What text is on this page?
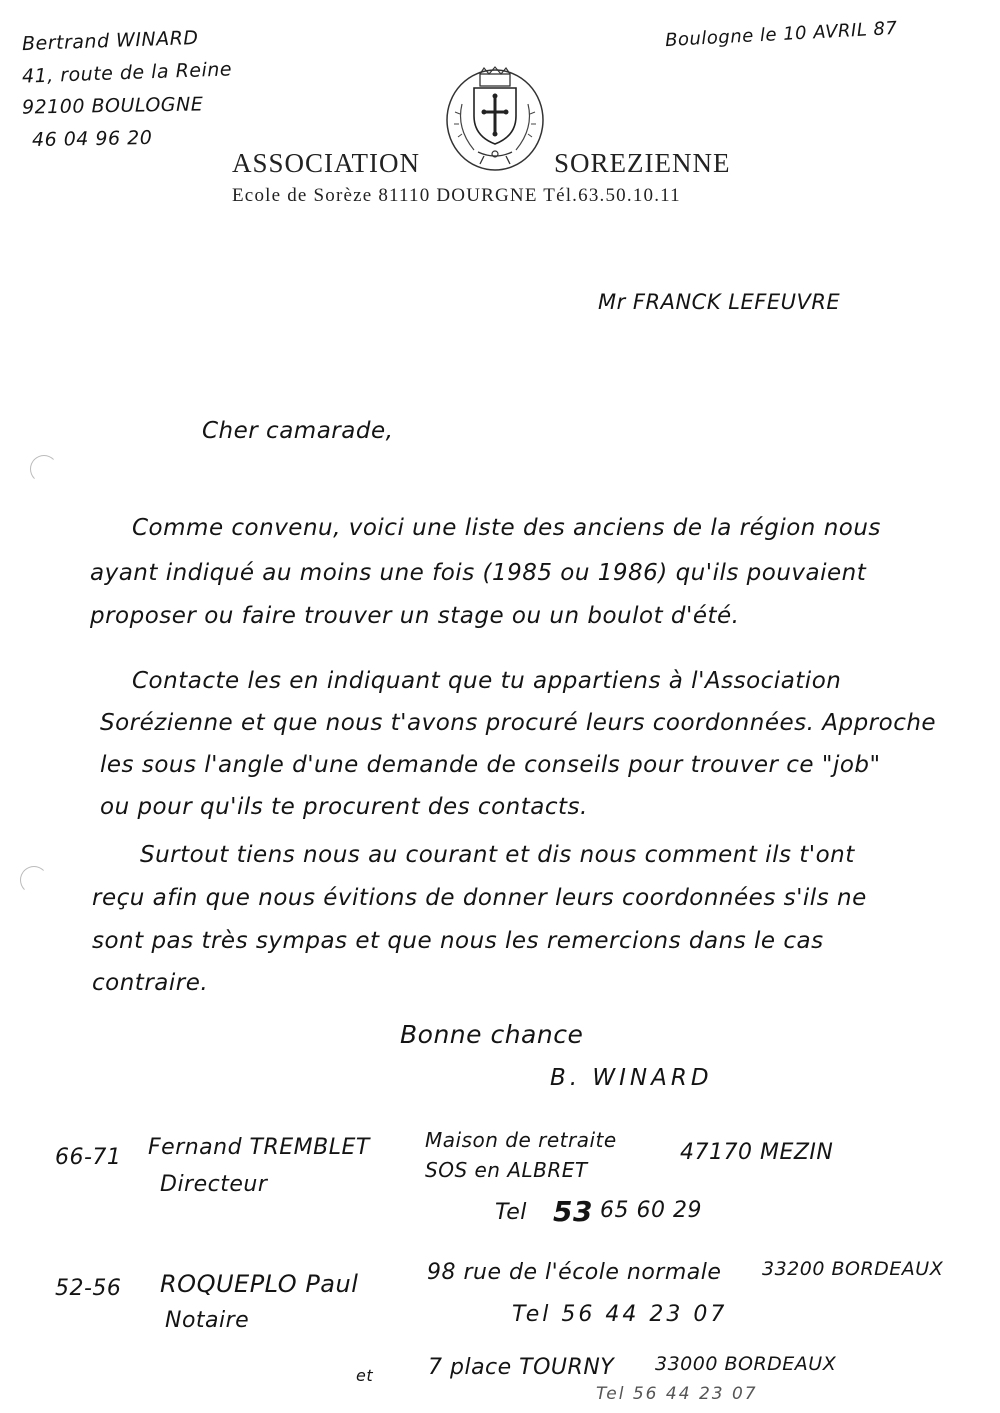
Bertrand WINARD
41, route de la Reine
92100 BOULOGNE
46 04 96 20
Boulogne le 10 AVRIL 87
ASSOCIATION	SOREZIENNE
Ecole de Sorèze 81110 DOURGNE Tél.63.50.10.11
Mr FRANCK LEFEUVRE
Cher camarade,
Comme convenu, voici une liste des anciens de la région nous
ayant indiqué au moins une fois (1985 ou 1986) qu'ils pouvaient
proposer ou faire trouver un stage ou un boulot d'été.
Contacte les en indiquant que tu appartiens à l'Association
Sorézienne et que nous t'avons procuré leurs coordonnées. Approche
les sous l'angle d'une demande de conseils pour trouver ce "job"
ou pour qu'ils te procurent des contacts.
Surtout tiens nous au courant et dis nous comment ils t'ont
reçu afin que nous évitions de donner leurs coordonnées s'ils ne
sont pas très sympas et que nous les remercions dans le cas
contraire.
Bonne chance
B. WINARD
66-71 Fernand TREMBLET
Directeur
Maison de retraite
SOS en ALBRET
47170 MEZIN
Tel 53 65 60 29
52-56 ROQUEPLO Paul
Notaire
98 rue de l'école normale 33200 BORDEAUX
Tel 56 44 23 07
et 7 place TOURNY 33000 BORDEAUX
Tel 56 44 23 07
